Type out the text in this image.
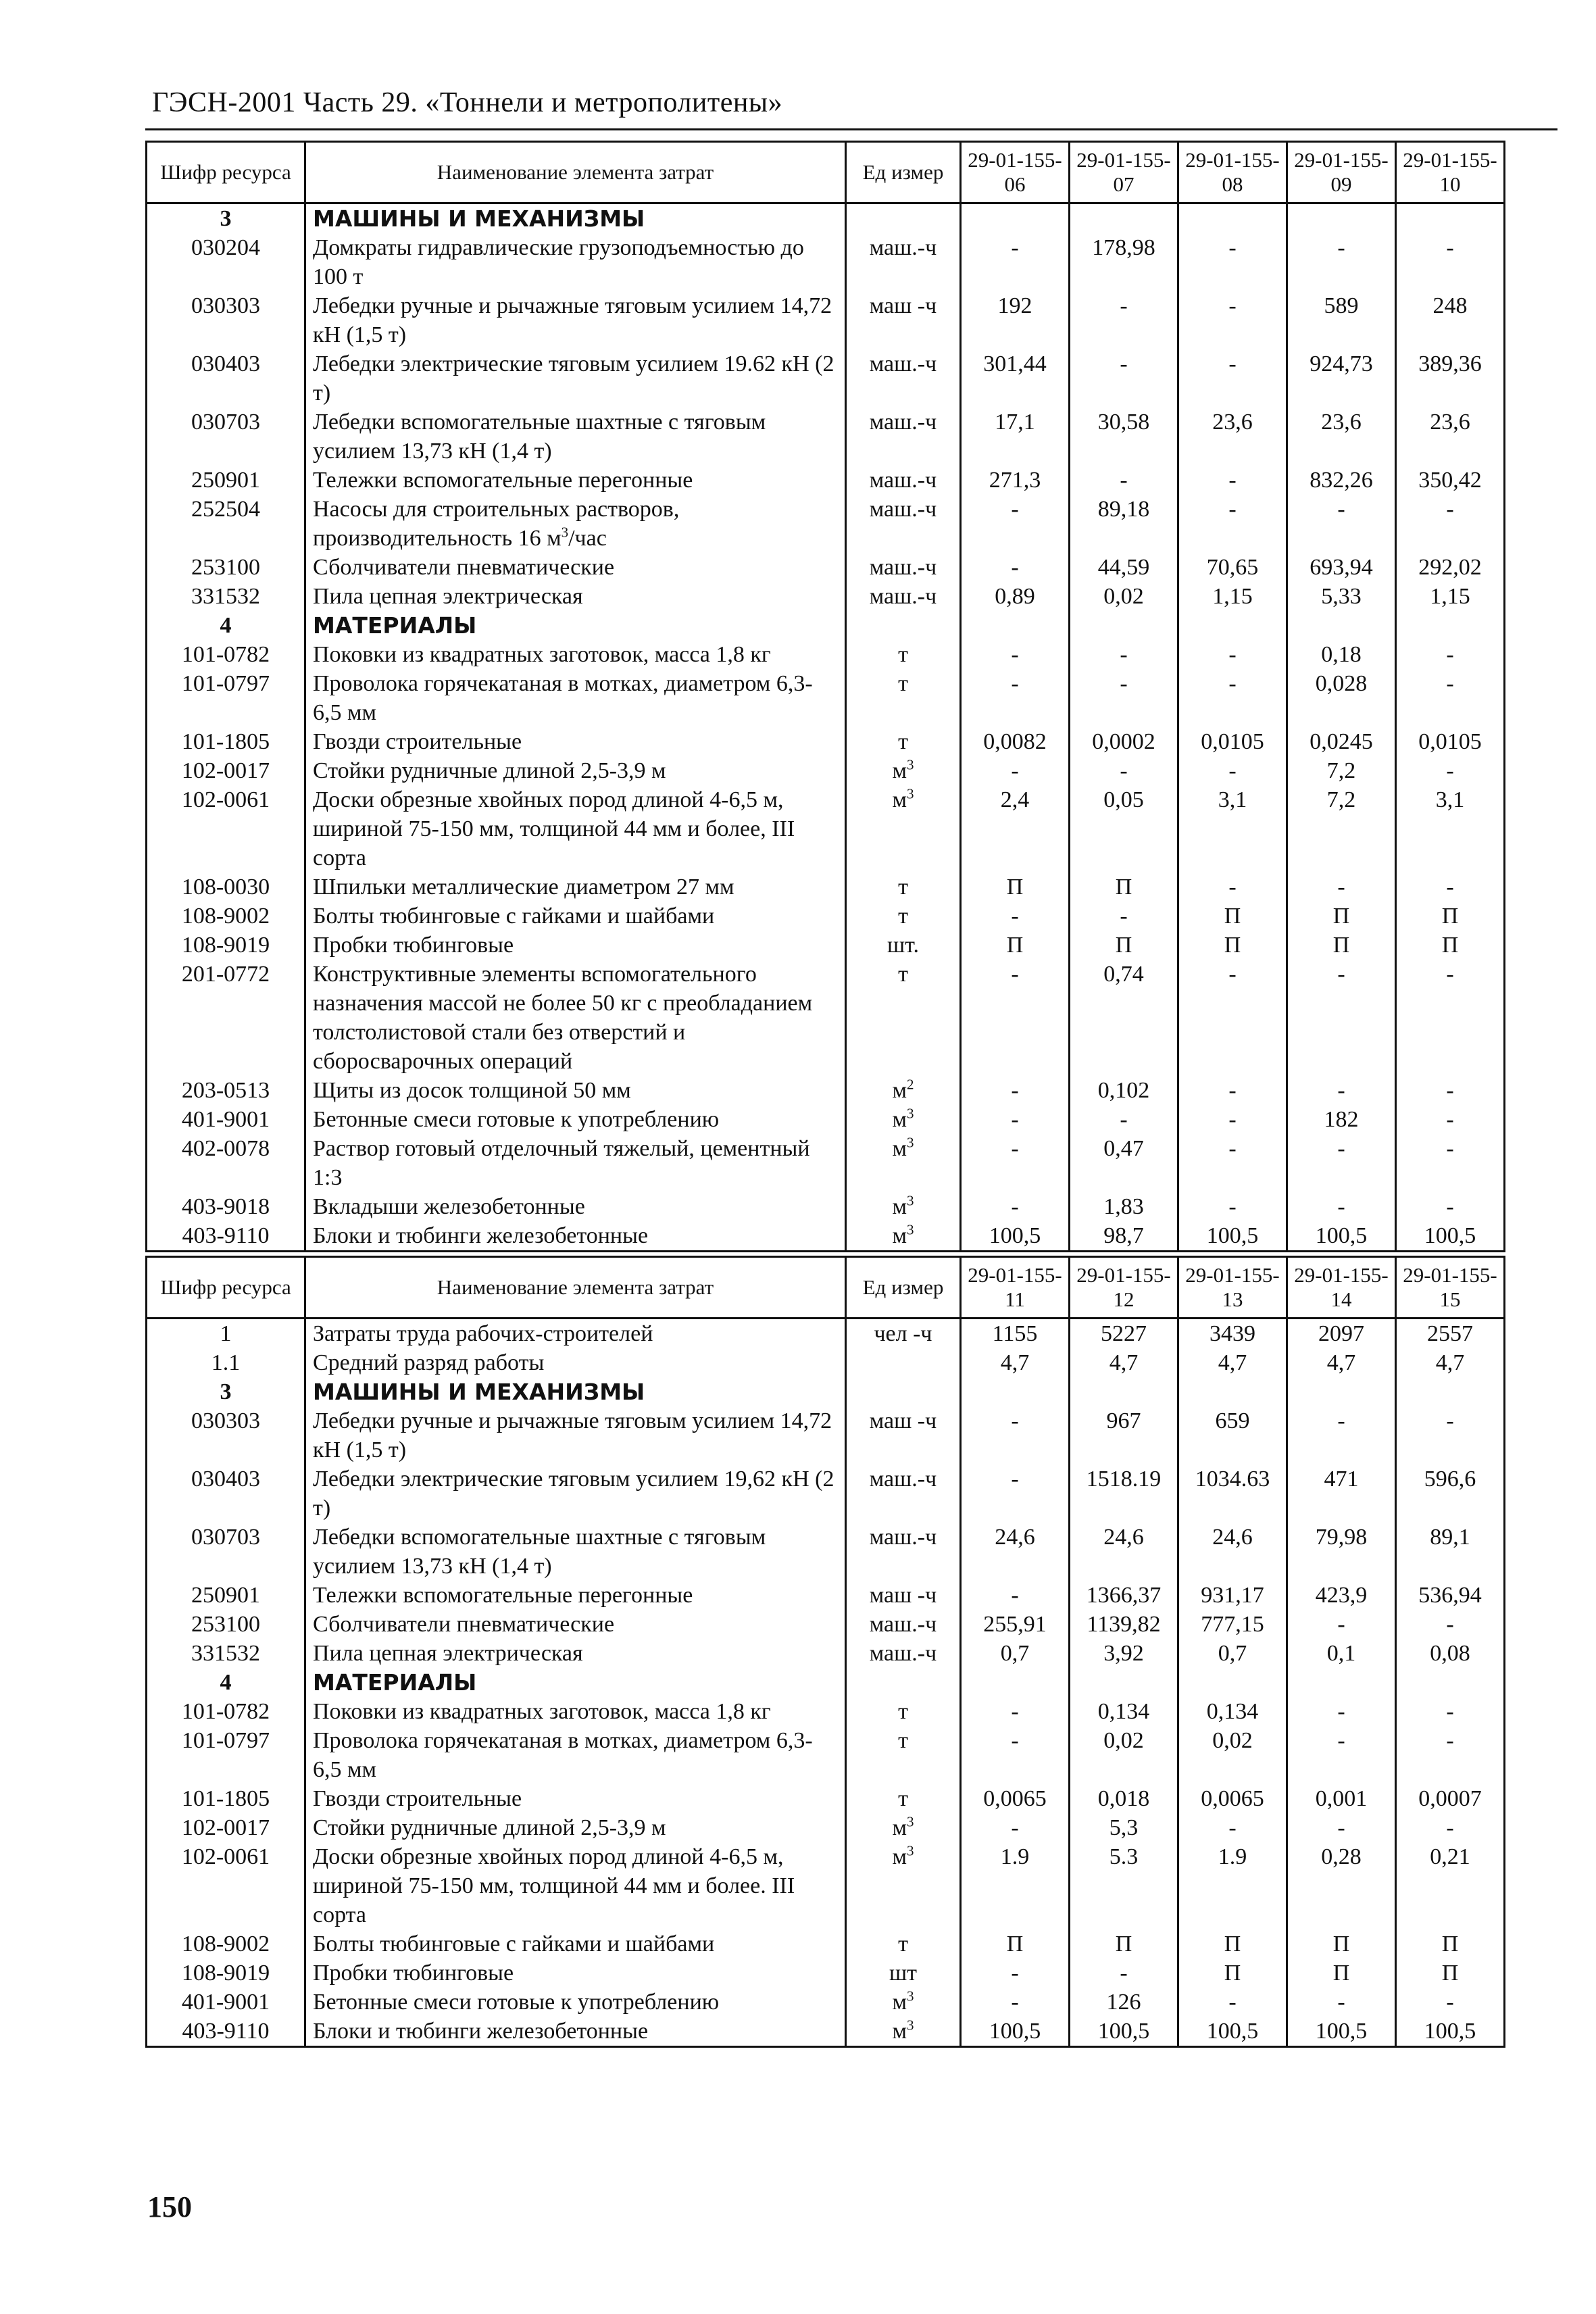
ГЭСН-2001 Часть 29. «Тоннели и метрополитены»
Шифр ресурса	Наименование элемента затрат	Ед измер	29-01-155-06	29-01-155-07	29-01-155-08	29-01-155-09	29-01-155-10
3	МАШИНЫ И МЕХАНИЗМЫ						
030204	Домкраты гидравлические грузоподъемностью до 100 т	маш.-ч	-	178,98	-	-	-
030303	Лебедки ручные и рычажные тяговым усилием 14,72 кН (1,5 т)	маш -ч	192	-	-	589	248
030403	Лебедки электрические тяговым усилием 19.62 кН (2 т)	маш.-ч	301,44	-	-	924,73	389,36
030703	Лебедки вспомогательные шахтные с тяговым усилием 13,73 кН (1,4 т)	маш.-ч	17,1	30,58	23,6	23,6	23,6
250901	Тележки вспомогательные перегонные	маш.-ч	271,3	-	-	832,26	350,42
252504	Насосы для строительных растворов, производительность 16 $м^3$/час	маш.-ч	-	89,18	-	-	-
253100	Сболчиватели пневматические	маш.-ч	-	44,59	70,65	693,94	292,02
331532	Пила цепная электрическая	маш.-ч	0,89	0,02	1,15	5,33	1,15
4	МАТЕРИАЛЫ						
101-0782	Поковки из квадратных заготовок, масса 1,8 кг	т	-	-	-	0,18	-
101-0797	Проволока горячекатаная в мотках, диаметром 6,3-6,5 мм	т	-	-	-	0,028	-
101-1805	Гвозди строительные	т	0,0082	0,0002	0,0105	0,0245	0,0105
102-0017	Стойки рудничные длиной 2,5-3,9 м	$м^3$	-	-	-	7,2	-
102-0061	Доски обрезные хвойных пород длиной 4-6,5 м, шириной 75-150 мм, толщиной 44 мм и более, III сорта	$м^3$	2,4	0,05	3,1	7,2	3,1
108-0030	Шпильки металлические диаметром 27 мм	т	П	П	-	-	-
108-9002	Болты тюбинговые с гайками и шайбами	т	-	-	П	П	П
108-9019	Пробки тюбинговые	шт.	П	П	П	П	П
201-0772	Конструктивные элементы вспомогательного назначения массой не более 50 кг с преобладанием толстолистовой стали без отверстий и сборосварочных операций	т	-	0,74	-	-	-
203-0513	Щиты из досок толщиной 50 мм	$м^2$	-	0,102	-	-	-
401-9001	Бетонные смеси готовые к употреблению	$м^3$	-	-	-	182	-
402-0078	Раствор готовый отделочный тяжелый, цементный 1:3	$м^3$	-	0,47	-	-	-
403-9018	Вкладыши железобетонные	$м^3$	-	1,83	-	-	-
403-9110	Блоки и тюбинги железобетонные	$м^3$	100,5	98,7	100,5	100,5	100,5
Шифр ресурса	Наименование элемента затрат	Ед измер	29-01-155-11	29-01-155-12	29-01-155-13	29-01-155-14	29-01-155-15
1	Затраты труда рабочих-строителей	чел -ч	1155	5227	3439	2097	2557
1.1	Средний разряд работы		4,7	4,7	4,7	4,7	4,7
3	МАШИНЫ И МЕХАНИЗМЫ						
030303	Лебедки ручные и рычажные тяговым усилием 14,72 кН (1,5 т)	маш -ч	-	967	659	-	-
030403	Лебедки электрические тяговым усилием 19,62 кН (2 т)	маш.-ч	-	1518.19	1034.63	471	596,6
030703	Лебедки вспомогательные шахтные с тяговым усилием 13,73 кН (1,4 т)	маш.-ч	24,6	24,6	24,6	79,98	89,1
250901	Тележки вспомогательные перегонные	маш -ч	-	1366,37	931,17	423,9	536,94
253100	Сболчиватели пневматические	маш.-ч	255,91	1139,82	777,15	-	-
331532	Пила цепная электрическая	маш.-ч	0,7	3,92	0,7	0,1	0,08
4	МАТЕРИАЛЫ						
101-0782	Поковки из квадратных заготовок, масса 1,8 кг	т	-	0,134	0,134	-	-
101-0797	Проволока горячекатаная в мотках, диаметром 6,3-6,5 мм	т	-	0,02	0,02	-	-
101-1805	Гвозди строительные	т	0,0065	0,018	0,0065	0,001	0,0007
102-0017	Стойки рудничные длиной 2,5-3,9 м	$м^3$	-	5,3	-	-	-
102-0061	Доски обрезные хвойных пород длиной 4-6,5 м, шириной 75-150 мм, толщиной 44 мм и более. III сорта	$м^3$	1.9	5.3	1.9	0,28	0,21
108-9002	Болты тюбинговые с гайками и шайбами	т	П	П	П	П	П
108-9019	Пробки тюбинговые	шт	-	-	П	П	П
401-9001	Бетонные смеси готовые к употреблению	$м^3$	-	126	-	-	-
403-9110	Блоки и тюбинги железобетонные	$м^3$	100,5	100,5	100,5	100,5	100,5
150
